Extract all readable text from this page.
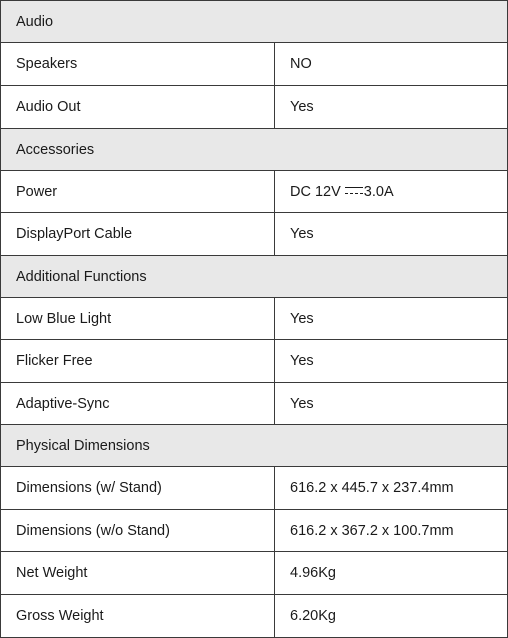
Audio	
Speakers	NO
Audio Out	Yes
Accessories	
Power	DC 12V 3.0A
DisplayPort Cable	Yes
Additional Functions	
Low Blue Light	Yes
Flicker Free	Yes
Adaptive-Sync	Yes
Physical Dimensions	
Dimensions (w/ Stand)	616.2 x 445.7 x 237.4mm
Dimensions (w/o Stand)	616.2 x 367.2 x 100.7mm
Net Weight	4.96Kg
Gross Weight	6.20Kg
